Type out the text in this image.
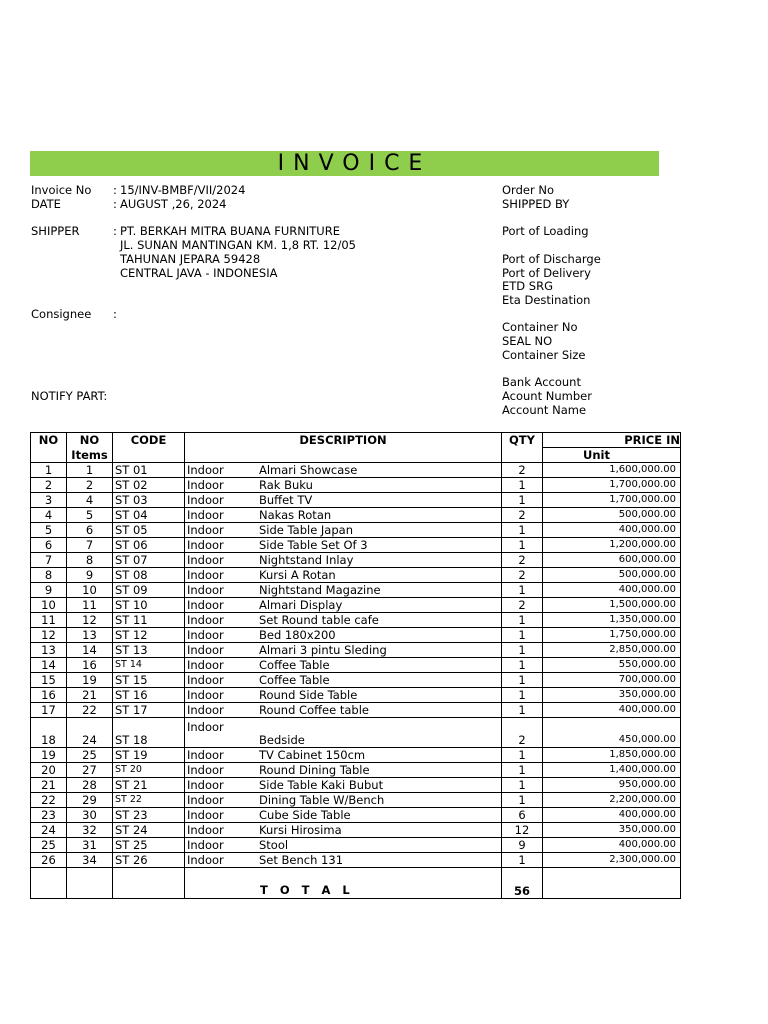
INVOICE
Invoice No : 15/INV-BMBF/VII/2024
DATE	: AUGUST ,26, 2024
SHIPPER	: PT. BERKAH MITRA BUANA FURNITURE
JL. SUNAN MANTINGAN KM. 1,8 RT. 12/05
TAHUNAN JEPARA 59428
CENTRAL JAVA - INDONESIA
Consignee :
NOTIFY PART:
Order No
SHIPPED BY
Port of Loading
Port of Discharge
Port of Delivery
ETD SRG
Eta Destination
Container No
SEAL NO
Container Size
Bank Account
Acount Number
Account Name
NO	NO	CODE	DESCRIPTION	QTY	PRICE IN
	Items				Unit
1	1	ST 01	Indoor Almari Showcase	2	1,600,000.00
2	2	ST 02	Indoor Rak Buku	1	1,700,000.00
3	4	ST 03	Indoor Buffet TV	1	1,700,000.00
4	5	ST 04	Indoor Nakas Rotan	2	500,000.00
5	6	ST 05	Indoor Side Table Japan	1	400,000.00
6	7	ST 06	Indoor Side Table Set Of 3	1	1,200,000.00
7	8	ST 07	Indoor Nightstand Inlay	2	600,000.00
8	9	ST 08	Indoor Kursi A Rotan	2	500,000.00
9	10	ST 09	Indoor Nightstand Magazine	1	400,000.00
10	11	ST 10	Indoor Almari Display	2	1,500,000.00
11	12	ST 11	Indoor Set Round table cafe	1	1,350,000.00
12	13	ST 12	Indoor Bed 180x200	1	1,750,000.00
13	14	ST 13	Indoor Almari 3 pintu Sleding	1	2,850,000.00
14	16	ST 14	Indoor Coffee Table	1	550,000.00
15	19	ST 15	Indoor Coffee Table	1	700,000.00
16	21	ST 16	Indoor Round Side Table	1	350,000.00
17	22	ST 17	Indoor Round Coffee table	1	400,000.00
18	24	ST 18	IndoorBedside	2	450,000.00
19	25	ST 19	Indoor TV Cabinet 150cm	1	1,850,000.00
20	27	ST 20	Indoor Round Dining Table	1	1,400,000.00
21	28	ST 21	Indoor Side Table Kaki Bubut	1	950,000.00
22	29	ST 22	Indoor Dining Table W/Bench	1	2,200,000.00
23	30	ST 23	Indoor Cube Side Table	6	400,000.00
24	32	ST 24	Indoor Kursi Hirosima	12	350,000.00
25	31	ST 25	Indoor Stool	9	400,000.00
26	34	ST 26	Indoor Set Bench 131	1	2,300,000.00
			T O T A L	56	
